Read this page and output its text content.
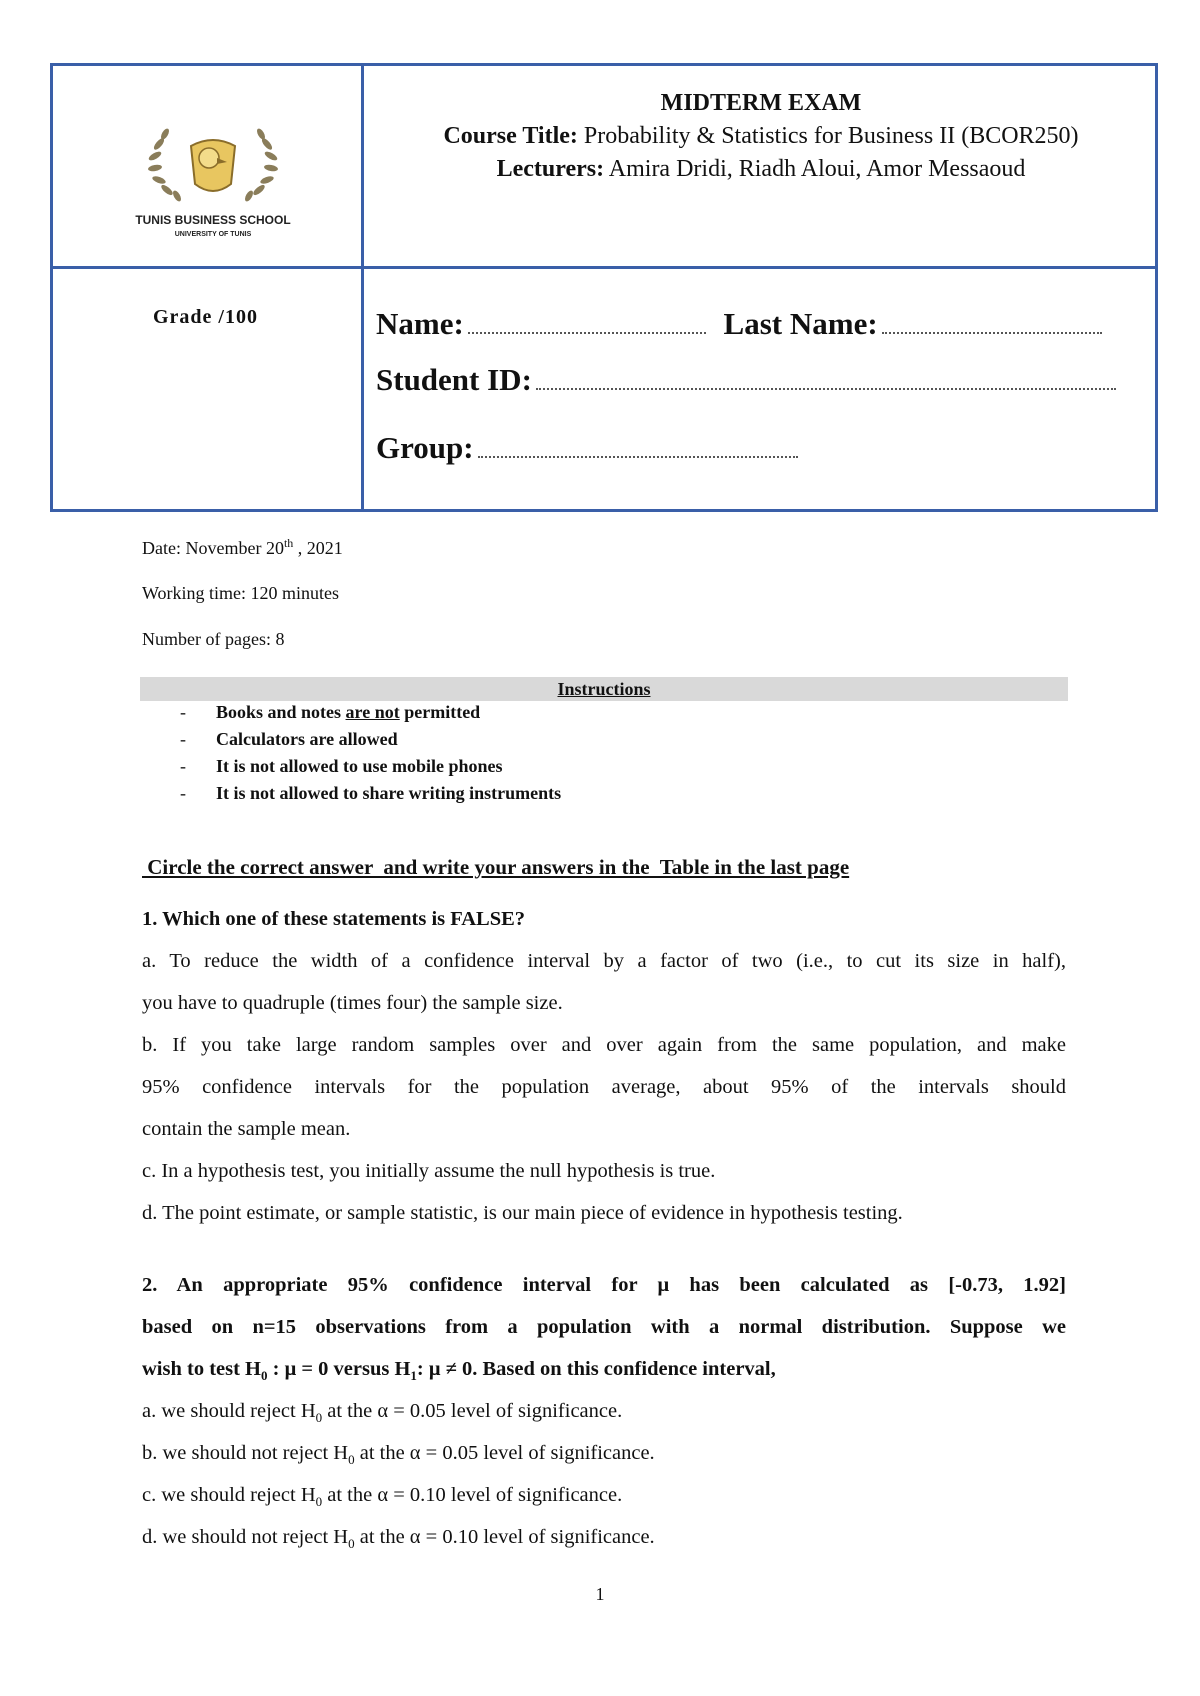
TUNIS BUSINESS SCHOOL
UNIVERSITY OF TUNIS
Grade /100
MIDTERM EXAM
Course Title: Probability & Statistics for Business II (BCOR250)
Lecturers: Amira Dridi, Riadh Aloui, Amor Messaoud
Name:	Last Name:
Student ID:
Group:
Date: November 20th , 2021
Working time: 120 minutes
Number of pages: 8
Instructions
- Books and notes are not permitted
- Calculators are allowed
- It is not allowed to use mobile phones
- It is not allowed to share writing instruments
Circle the correct answer  and write your answers in the  Table in the last page
1. Which one of these statements is FALSE?
a. To reduce the width of a confidence interval by a factor of two (i.e., to cut its size in half),
you have to quadruple (times four) the sample size.
b. If you take large random samples over and over again from the same population, and make
95% confidence intervals for the population average, about 95% of the intervals should
contain the sample mean.
c. In a hypothesis test, you initially assume the null hypothesis is true.
d. The point estimate, or sample statistic, is our main piece of evidence in hypothesis testing.
2. An appropriate 95% confidence interval for μ has been calculated as [-0.73, 1.92]
based on n=15 observations from a population with a normal distribution. Suppose we
wish to test $H_0$ : μ = 0 versus $H_1$: μ ≠ 0. Based on this confidence interval,
a. we should reject $H_0$ at the α = 0.05 level of significance.
b. we should not reject $H_0$ at the α = 0.05 level of significance.
c. we should reject $H_0$ at the α = 0.10 level of significance.
d. we should not reject $H_0$ at the α = 0.10 level of significance.
1
